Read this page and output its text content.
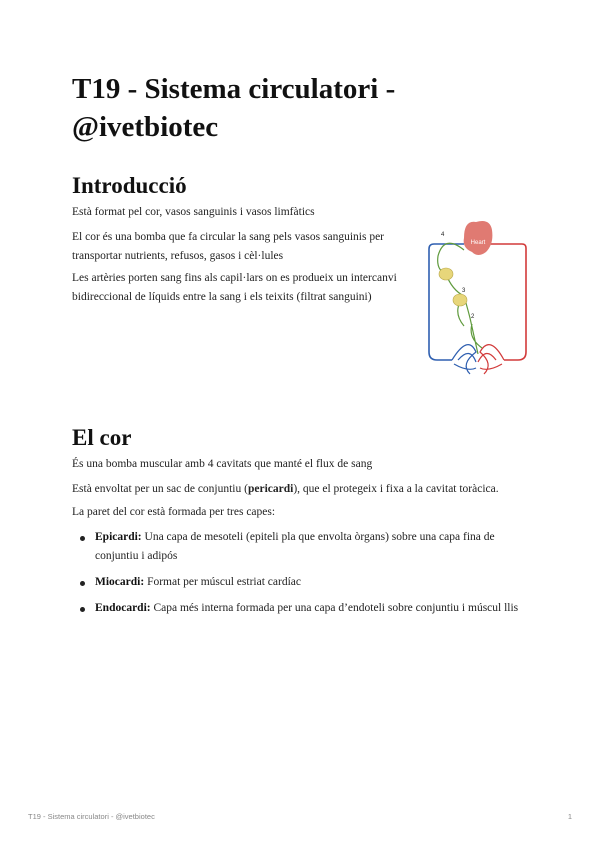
T19 - Sistema circulatori - @ivetbiotec
Introducció

Està format pel cor, vasos sanguinis i vasos limfàtics

El cor és una bomba que fa circular la sang pels vasos sanguinis per transportar nutrients, refusos, gasos i cèl·lules

Les artèries porten sang fins als capil·lars on es produeix un intercanvi bidireccional de líquids entre la sang i els teixits (filtrat sanguini)

Heart
4
3
2
El cor

És una bomba muscular amb 4 cavitats que manté el flux de sang

Està envoltat per un sac de conjuntiu (pericardi), que el protegeix i fixa a la cavitat toràcica.

La paret del cor està formada per tres capes:

Epicardi: Una capa de mesoteli (epiteli pla que envolta òrgans) sobre una capa fina de conjuntiu i adipós
Miocardi: Format per múscul estriat cardíac
Endocardi: Capa més interna formada per una capa d’endoteli sobre conjuntiu i múscul llis
T19 - Sistema circulatori - @ivetbiotec	1
